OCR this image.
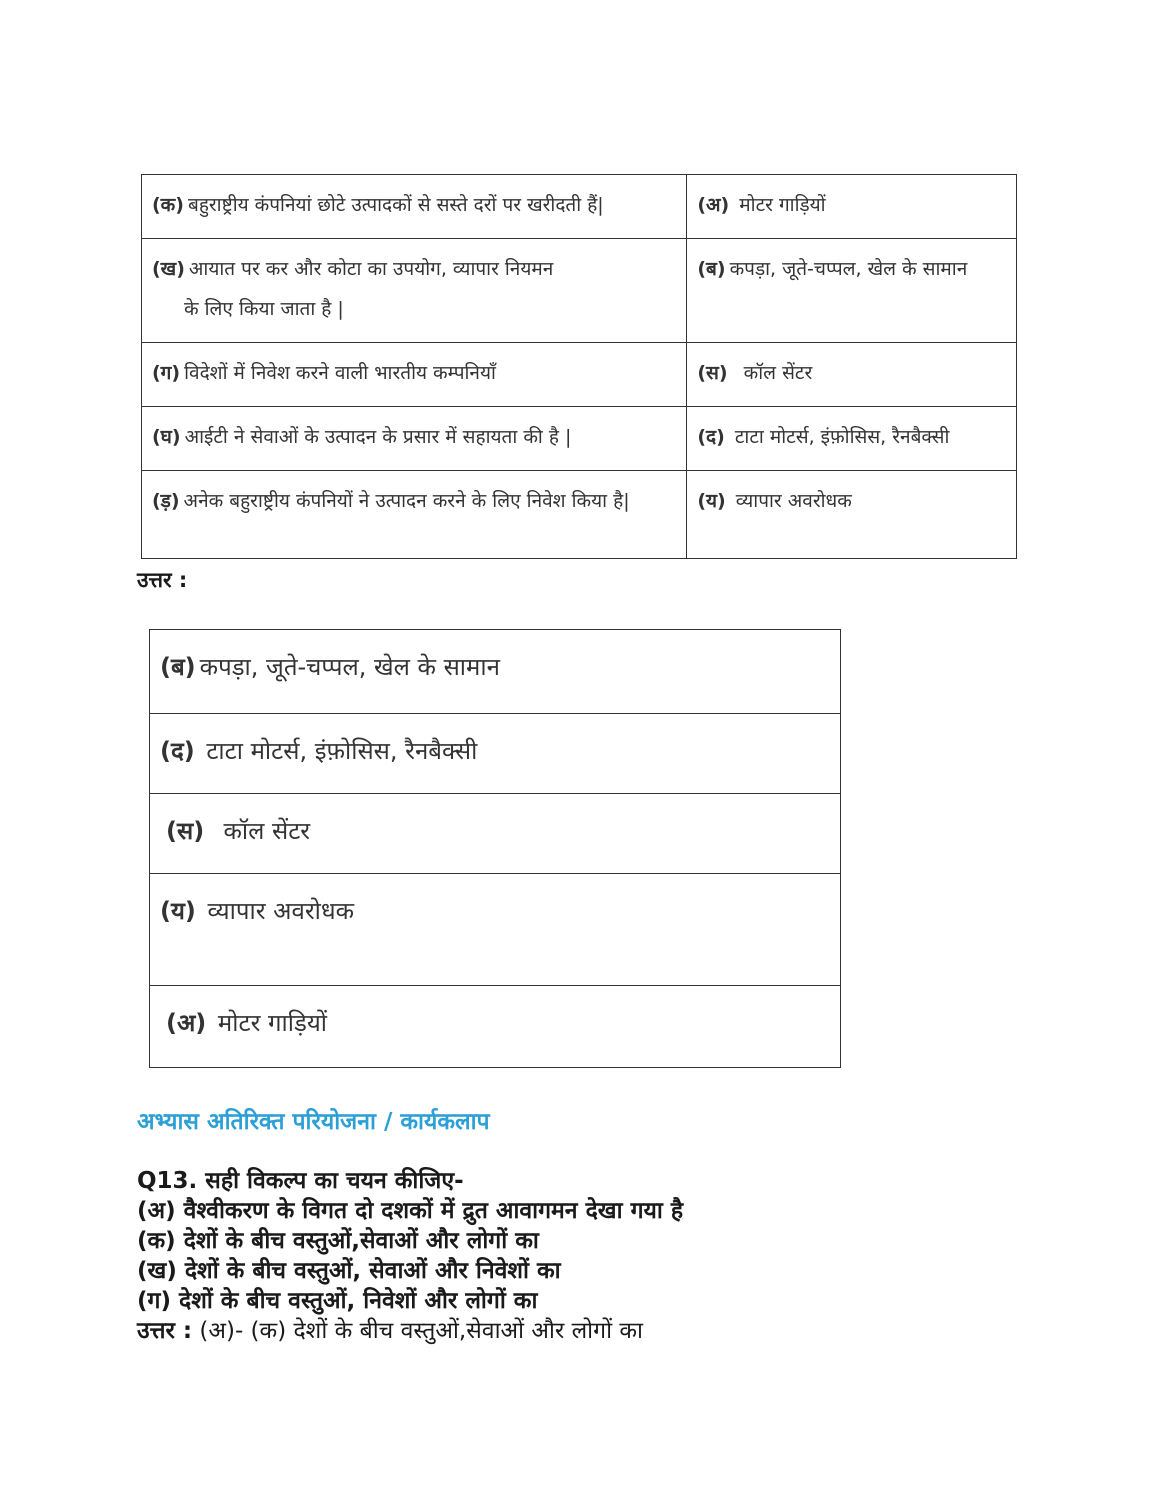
(क) बहुराष्ट्रीय कंपनियां छोटे उत्पादकों से सस्ते दरों पर खरीदती हैं|	(अ) मोटर गाड़ियों

(ख) आयात पर कर और कोटा का उपयोग, व्यापार नियमन
के लिए किया जाता है |	(ब) कपड़ा, जूते-चप्पल, खेल के सामान

(ग) विदेशों में निवेश करने वाली भारतीय कम्पनियाँ	(स) कॉल सेंटर

(घ) आईटी ने सेवाओं के उत्पादन के प्रसार में सहायता की है |	(द) टाटा मोटर्स, इंफ़ोसिस, रैनबैक्सी

(ड़) अनेक बहुराष्ट्रीय कंपनियों ने उत्पादन करने के लिए निवेश किया है|	(य) व्यापार अवरोधक
उत्तर :
(ब) कपड़ा, जूते-चप्पल, खेल के सामान

(द) टाटा मोटर्स, इंफ़ोसिस, रैनबैक्सी

(स) कॉल सेंटर

(य) व्यापार अवरोधक

(अ) मोटर गाड़ियों
अभ्यास अतिरिक्त परियोजना / कार्यकलाप
Q13. सही विकल्प का चयन कीजिए-
(अ) वैश्वीकरण के विगत दो दशकों में द्रुत आवागमन देखा गया है
(क) देशों के बीच वस्तुओं,सेवाओं और लोगों का
(ख) देशों के बीच वस्तुओं, सेवाओं और निवेशों का
(ग) देशों के बीच वस्तुओं, निवेशों और लोगों का
उत्तर : (अ)- (क) देशों के बीच वस्तुओं,सेवाओं और लोगों का
